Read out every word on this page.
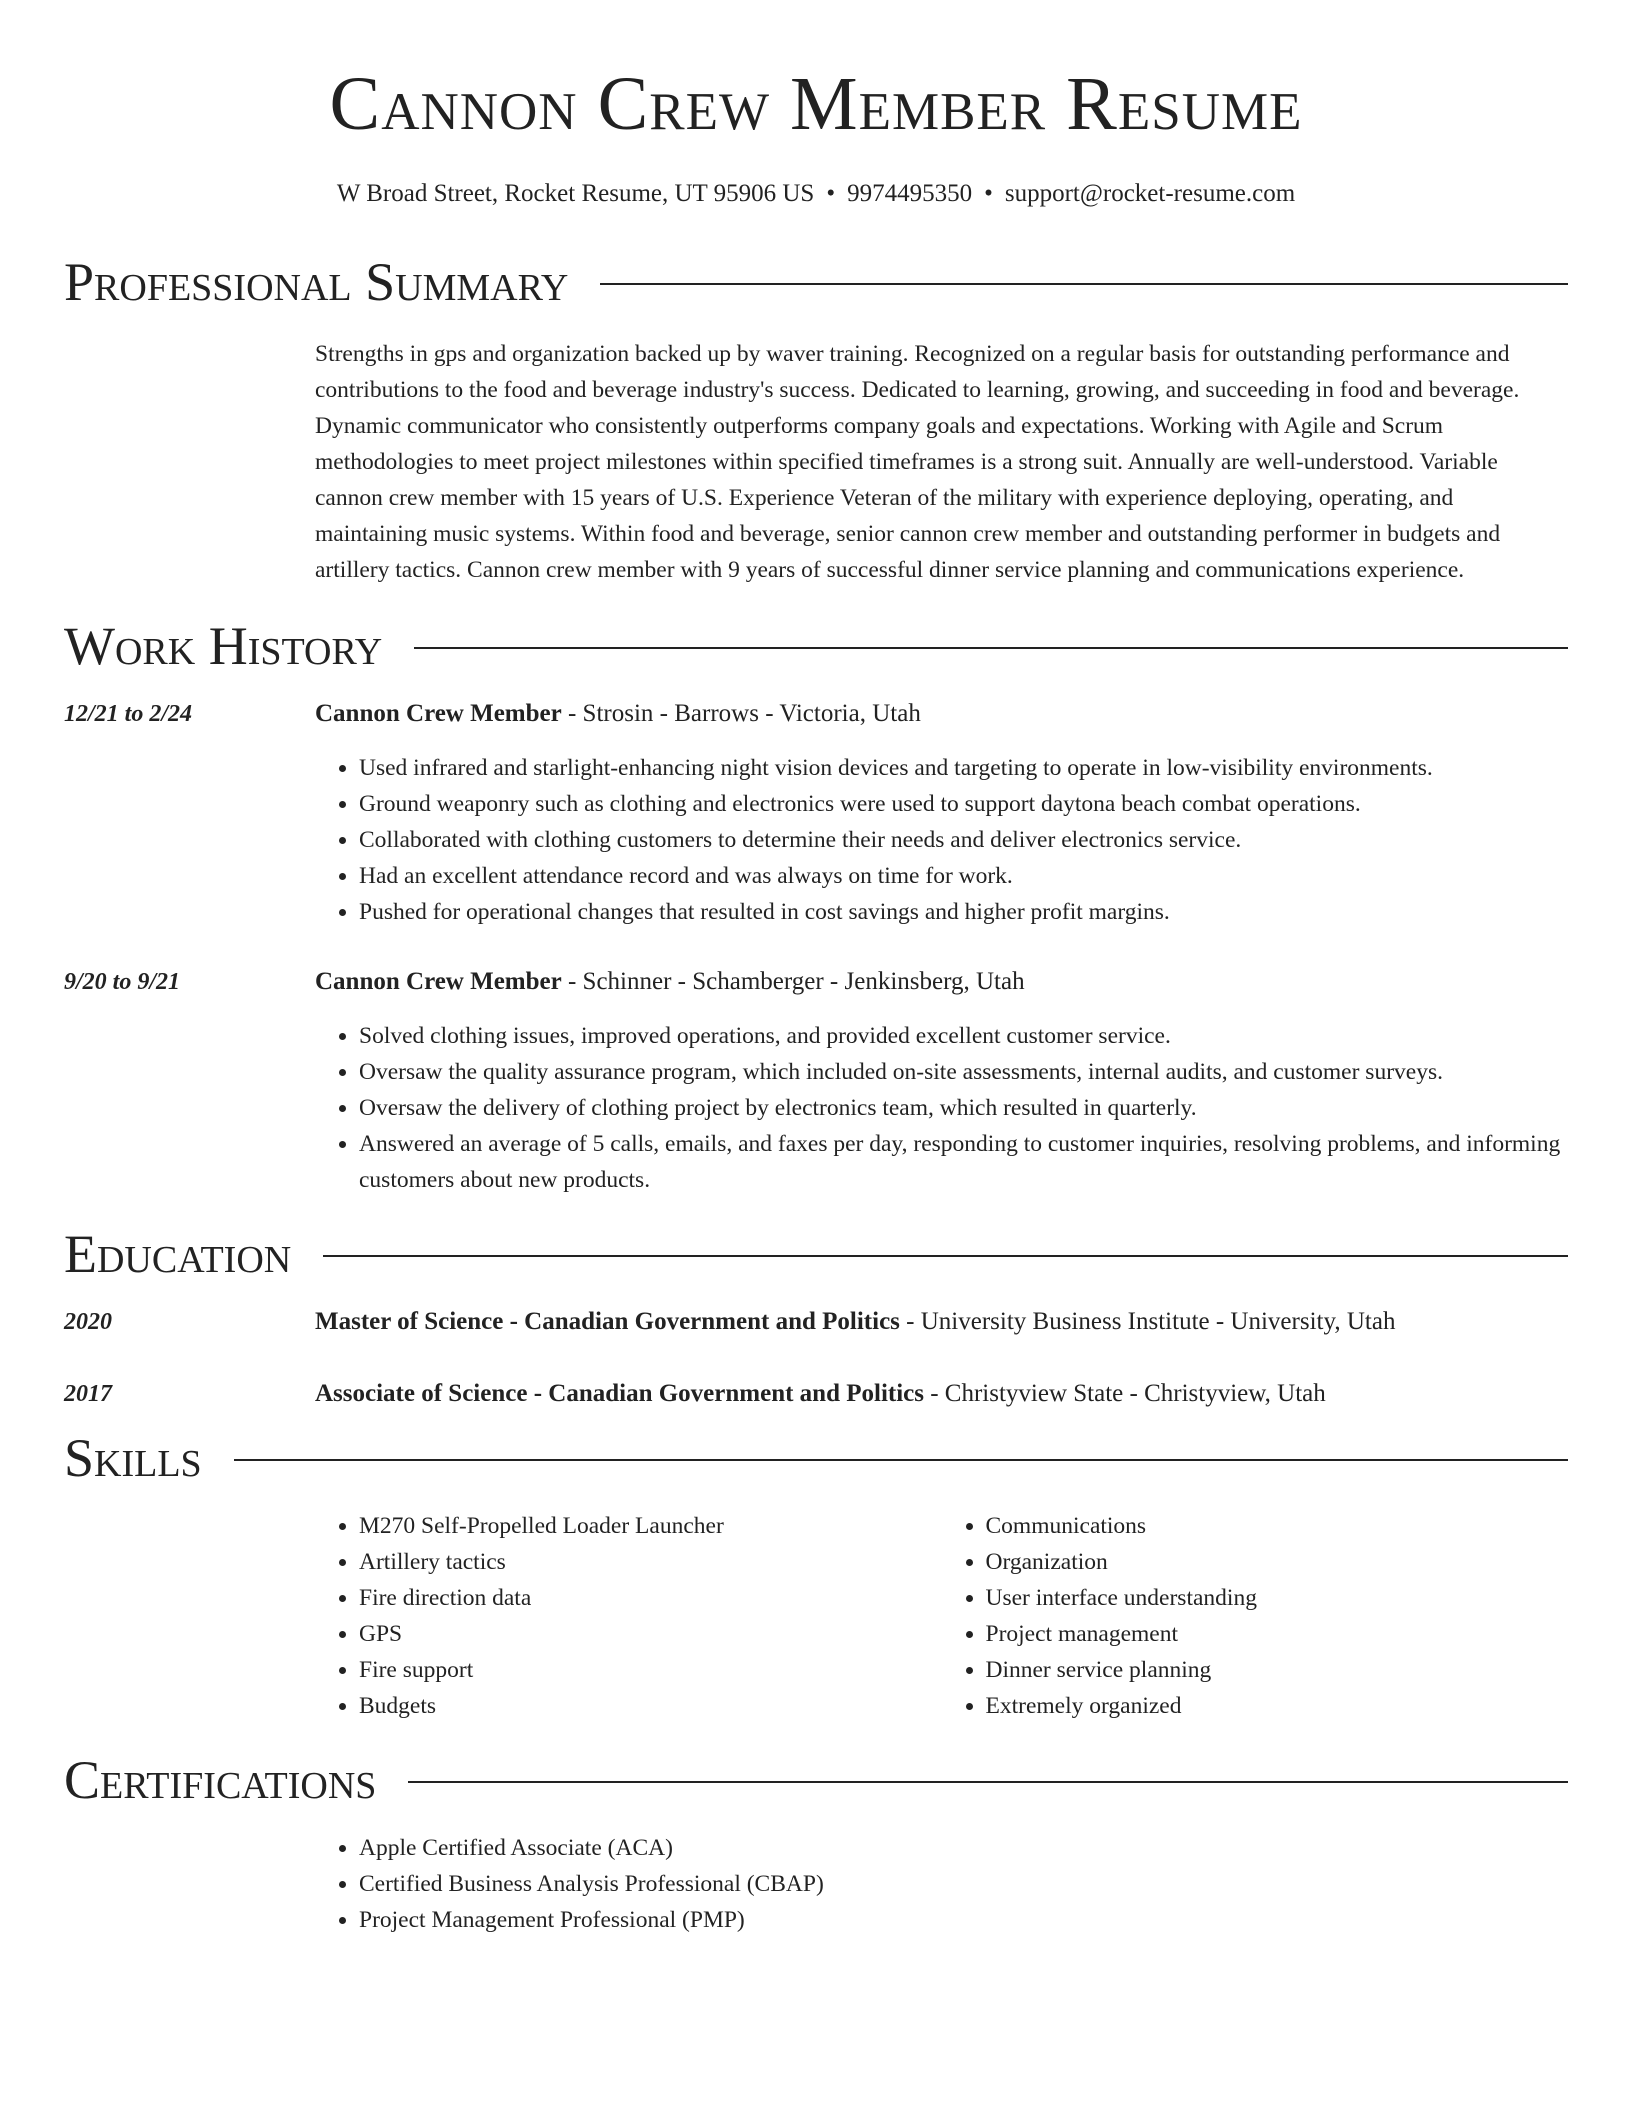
Cannon Crew Member Resume
W Broad Street, Rocket Resume, UT 95906 US • 9974495350 • support@rocket-resume.com
Professional Summary

Strengths in gps and organization backed up by waver training. Recognized on a regular basis for outstanding performance and contributions to the food and beverage industry's success. Dedicated to learning, growing, and succeeding in food and beverage. Dynamic communicator who consistently outperforms company goals and expectations. Working with Agile and Scrum methodologies to meet project milestones within specified timeframes is a strong suit. Annually are well-understood. Variable cannon crew member with 15 years of U.S. Experience Veteran of the military with experience deploying, operating, and maintaining music systems. Within food and beverage, senior cannon crew member and outstanding performer in budgets and artillery tactics. Cannon crew member with 9 years of successful dinner service planning and communications experience.

Work History
12/21 to 2/24	Cannon Crew Member - Strosin - Barrows - Victoria, Utah
• Used infrared and starlight-enhancing night vision devices and targeting to operate in low-visibility environments.
• Ground weaponry such as clothing and electronics were used to support daytona beach combat operations.
• Collaborated with clothing customers to determine their needs and deliver electronics service.
• Had an excellent attendance record and was always on time for work.
• Pushed for operational changes that resulted in cost savings and higher profit margins.
9/20 to 9/21	Cannon Crew Member - Schinner - Schamberger - Jenkinsberg, Utah
• Solved clothing issues, improved operations, and provided excellent customer service.
• Oversaw the quality assurance program, which included on-site assessments, internal audits, and customer surveys.
• Oversaw the delivery of clothing project by electronics team, which resulted in quarterly.
• Answered an average of 5 calls, emails, and faxes per day, responding to customer inquiries, resolving problems, and informing customers about new products.
Education
2020	Master of Science - Canadian Government and Politics - University Business Institute - University, Utah
2017	Associate of Science - Canadian Government and Politics - Christyview State - Christyview, Utah
Skills
• M270 Self-Propelled Loader Launcher
• Artillery tactics
• Fire direction data
• GPS
• Fire support
• Budgets
• Communications
• Organization
• User interface understanding
• Project management
• Dinner service planning
• Extremely organized
Certifications
• Apple Certified Associate (ACA)
• Certified Business Analysis Professional (CBAP)
• Project Management Professional (PMP)
